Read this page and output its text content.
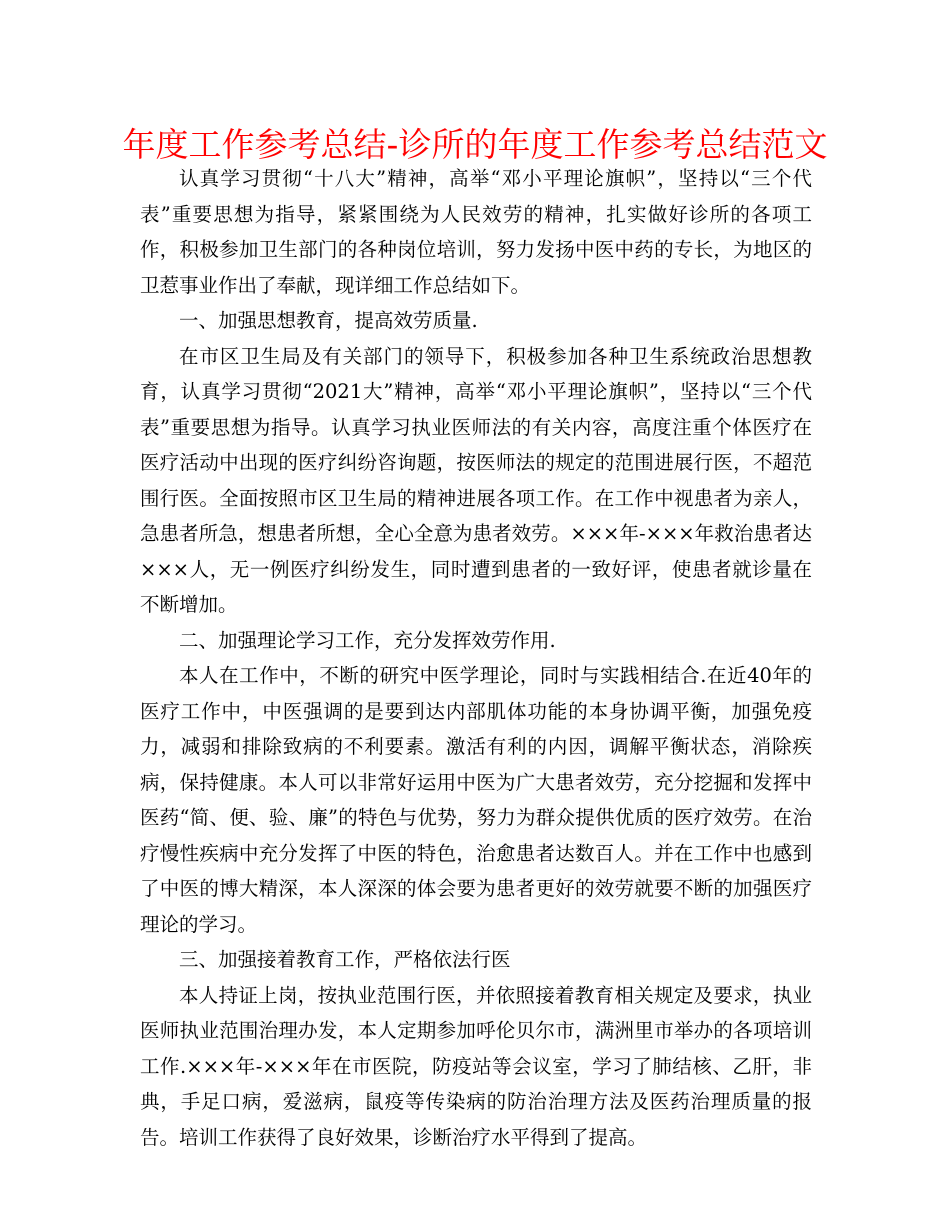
年度工作参考总结-诊所的年度工作参考总结范文

认真学习贯彻“十八大”精神，高举“邓小平理论旗帜”，坚持以“三个代表”重要思想为指导，紧紧围绕为人民效劳的精神，扎实做好诊所的各项工作，积极参加卫生部门的各种岗位培训，努力发扬中医中药的专长，为地区的卫惹事业作出了奉献，现详细工作总结如下。

一、加强思想教育，提高效劳质量.

在市区卫生局及有关部门的领导下，积极参加各种卫生系统政治思想教育，认真学习贯彻“2021大”精神，高举“邓小平理论旗帜”，坚持以“三个代表”重要思想为指导。认真学习执业医师法的有关内容，高度注重个体医疗在医疗活动中出现的医疗纠纷咨询题，按医师法的规定的范围进展行医，不超范围行医。全面按照市区卫生局的精神进展各项工作。在工作中视患者为亲人，急患者所急，想患者所想，全心全意为患者效劳。×××年-×××年救治患者达×××人，无一例医疗纠纷发生，同时遭到患者的一致好评，使患者就诊量在不断增加。

二、加强理论学习工作，充分发挥效劳作用.

本人在工作中，不断的研究中医学理论，同时与实践相结合.在近40年的医疗工作中，中医强调的是要到达内部肌体功能的本身协调平衡，加强免疫力，减弱和排除致病的不利要素。激活有利的内因，调解平衡状态，消除疾病，保持健康。本人可以非常好运用中医为广大患者效劳，充分挖掘和发挥中医药“简、便、验、廉”的特色与优势，努力为群众提供优质的医疗效劳。在治疗慢性疾病中充分发挥了中医的特色，治愈患者达数百人。并在工作中也感到了中医的博大精深，本人深深的体会要为患者更好的效劳就要不断的加强医疗理论的学习。

三、加强接着教育工作，严格依法行医

本人持证上岗，按执业范围行医，并依照接着教育相关规定及要求，执业医师执业范围治理办发，本人定期参加呼伦贝尔市，满洲里市举办的各项培训工作.×××年-×××年在市医院，防疫站等会议室，学习了肺结核、乙肝，非典，手足口病，爱滋病，鼠疫等传染病的防治治理方法及医药治理质量的报告。培训工作获得了良好效果，诊断治疗水平得到了提高。
